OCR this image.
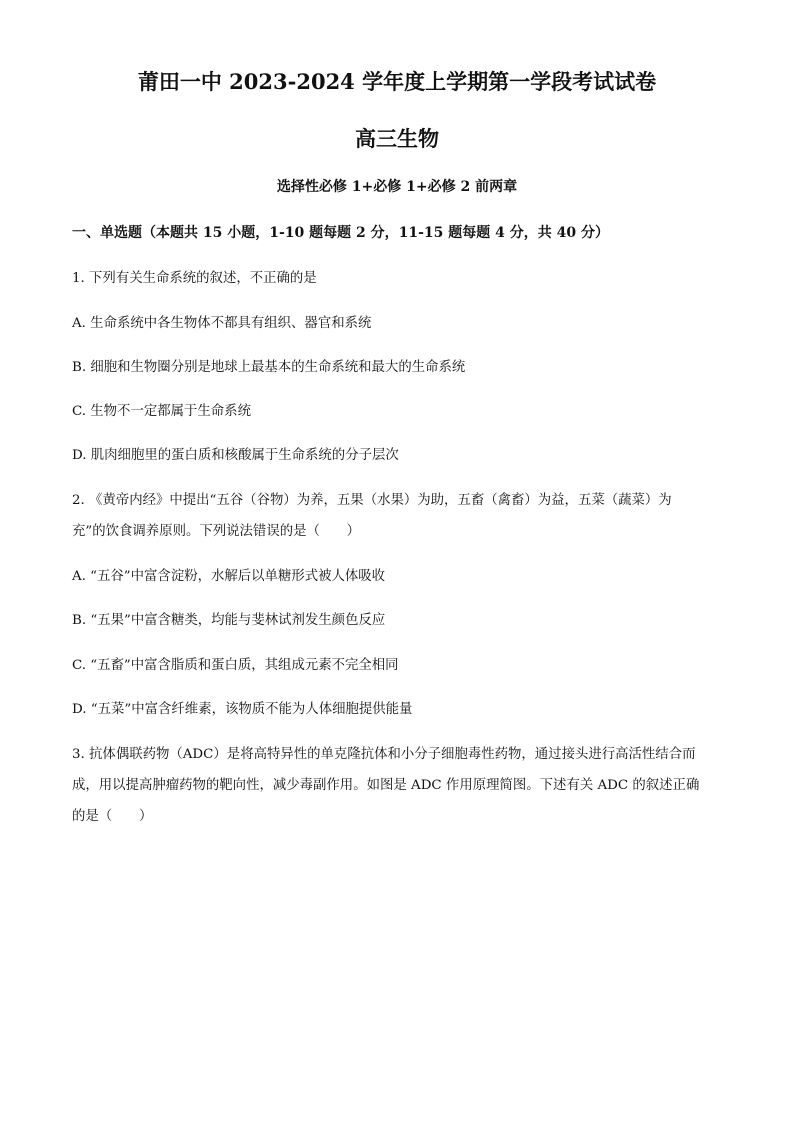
莆田一中 2023-2024 学年度上学期第一学段考试试卷
高三生物
选择性必修 1+必修 1+必修 2 前两章
一、单选题（本题共 15 小题，1-10 题每题 2 分，11-15 题每题 4 分，共 40 分）
1. 下列有关生命系统的叙述，不正确的是
A. 生命系统中各生物体不都具有组织、器官和系统
B. 细胞和生物圈分别是地球上最基本的生命系统和最大的生命系统
C. 生物不一定都属于生命系统
D. 肌肉细胞里的蛋白质和核酸属于生命系统的分子层次
2. 《黄帝内经》中提出“五谷（谷物）为养，五果（水果）为助，五畜（禽畜）为益，五菜（蔬菜）为
充”的饮食调养原则。下列说法错误的是（　　）
A. “五谷”中富含淀粉，水解后以单糖形式被人体吸收
B. “五果”中富含糖类，均能与斐林试剂发生颜色反应
C. “五畜”中富含脂质和蛋白质，其组成元素不完全相同
D. “五菜”中富含纤维素，该物质不能为人体细胞提供能量
3. 抗体偶联药物（ADC）是将高特异性的单克隆抗体和小分子细胞毒性药物，通过接头进行高活性结合而
成，用以提高肿瘤药物的靶向性，减少毒副作用。如图是 ADC 作用原理简图。下述有关 ADC 的叙述正确
的是（　　）
